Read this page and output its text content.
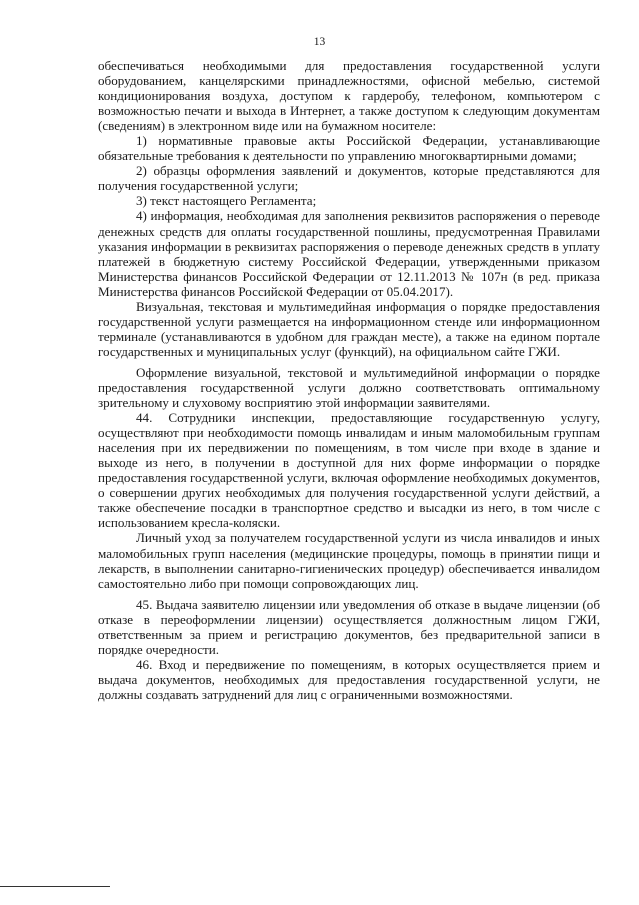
13

обеспечиваться необходимыми для предоставления государственной услуги оборудованием, канцелярскими принадлежностями, офисной мебелью, системой кондиционирования воздуха, доступом к гардеробу, телефоном, компьютером с возможностью печати и выхода в Интернет, а также доступом к следующим документам (сведениям) в электронном виде или на бумажном носителе:

1) нормативные правовые акты Российской Федерации, устанавливающие обязательные требования к деятельности по управлению многоквартирными домами;

2) образцы оформления заявлений и документов, которые представляются для получения государственной услуги;

3) текст настоящего Регламента;

4) информация, необходимая для заполнения реквизитов распоряжения о переводе денежных средств для оплаты государственной пошлины, предусмотренная Правилами указания информации в реквизитах распоряжения о переводе денежных средств в уплату платежей в бюджетную систему Российской Федерации, утвержденными приказом Министерства финансов Российской Федерации от 12.11.2013 № 107н (в ред. приказа Министерства финансов Российской Федерации от 05.04.2017).

Визуальная, текстовая и мультимедийная информация о порядке предоставления государственной услуги размещается на информационном стенде или информационном терминале (устанавливаются в удобном для граждан месте), а также на едином портале государственных и муниципальных услуг (функций), на официальном сайте ГЖИ.

Оформление визуальной, текстовой и мультимедийной информации о порядке предоставления государственной услуги должно соответствовать оптимальному зрительному и слуховому восприятию этой информации заявителями.

44. Сотрудники инспекции, предоставляющие государственную услугу, осуществляют при необходимости помощь инвалидам и иным маломобильным группам населения при их передвижении по помещениям, в том числе при входе в здание и выходе из него, в получении в доступной для них форме информации о порядке предоставления государственной услуги, включая оформление необходимых документов, о совершении других необходимых для получения государственной услуги действий, а также обеспечение посадки в транспортное средство и высадки из него, в том числе с использованием кресла-коляски.

Личный уход за получателем государственной услуги из числа инвалидов и иных маломобильных групп населения (медицинские процедуры, помощь в принятии пищи и лекарств, в выполнении санитарно-гигиенических процедур) обеспечивается инвалидом самостоятельно либо при помощи сопровождающих лиц.

45. Выдача заявителю лицензии или уведомления об отказе в выдаче лицензии (об отказе в переоформлении лицензии) осуществляется должностным лицом ГЖИ, ответственным за прием и регистрацию документов, без предварительной записи в порядке очередности.

46. Вход и передвижение по помещениям, в которых осуществляется прием и выдача документов, необходимых для предоставления государственной услуги, не должны создавать затруднений для лиц с ограниченными возможностями.
